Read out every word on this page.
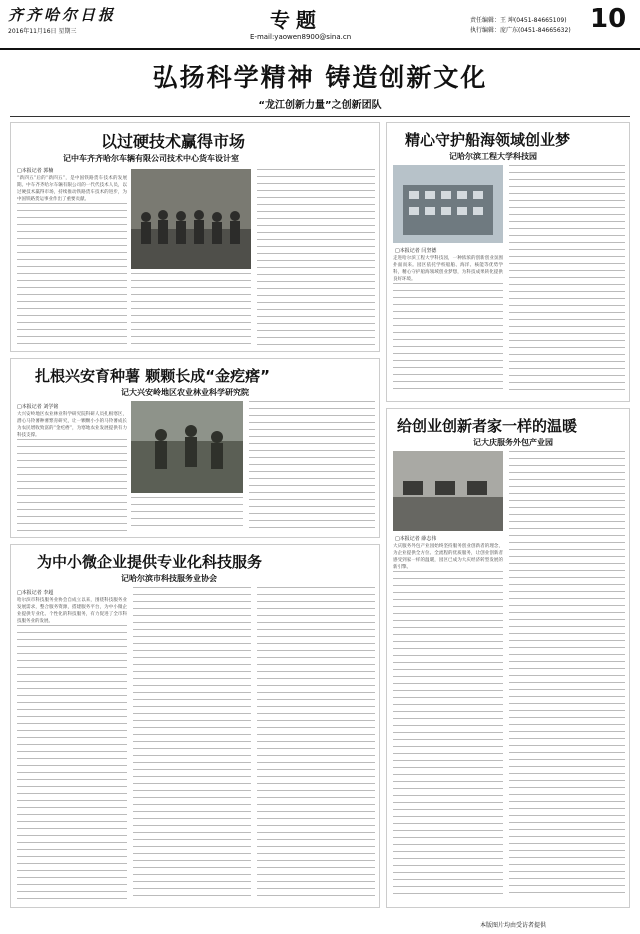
齐齐哈尔日报
2016年11月16日 星期三	专题
E-mail:yaowen8900@sina.cn
责任编辑：王 坤(0451-84665109)
执行编辑：庞广东(0451-84665632) 10
弘扬科学精神 铸造创新文化
“龙江创新力量”之创新团队
以过硬技术赢得市场
记中车齐齐哈尔车辆有限公司技术中心货车设计室
□本报记者 郭楠
“新四五”后的“新四五”，是中国铁路货车技术的发展期。中车齐齐哈尔车辆有限公司的一代代技术人员，以过硬技术赢得市场，持续推动铁路货车技术的进步，为中国铁路货运事业作出了重要贡献。
精心守护船海领域创业梦
记哈尔滨工程大学科技园
□本报记者 闫坚德
走进哈尔滨工程大学科技园，一种浓浓的创新创业氛围扑面而来。园区依托学校船舶、海洋、核能等优势学科，精心守护船海领域创业梦想，为科技成果转化提供良好环境。
扎根兴安育种薯 颗颗长成“金疙瘩”
记大兴安岭地区农业林业科学研究院
□本报记者 刘学铭
大兴安岭地区农业林业科学研究院科研人员扎根寒区，潜心马铃薯种薯繁育研究，让一颗颗小小的马铃薯成长为农民增收致富的“金疙瘩”，为寒地农业发展提供有力科技支撑。
给创业创新者家一样的温暖
记大庆服务外包产业园
□本报记者 薛志伟
大庆服务外包产业园始终坚持服务创业创新者的理念，为企业提供全方位、全流程的优质服务，让创业创新者感受到家一样的温暖，园区已成为大庆经济转型发展的新引擎。
为中小微企业提供专业化科技服务
记哈尔滨市科技服务业协会
□本报记者 李超
哈尔滨市科技服务业协会自成立以来，围绕科技服务业发展需求，整合服务资源，搭建服务平台，为中小微企业提供专业化、个性化的科技服务，有力促进了全市科技服务业的发展。
本版图片均由受访者提供
